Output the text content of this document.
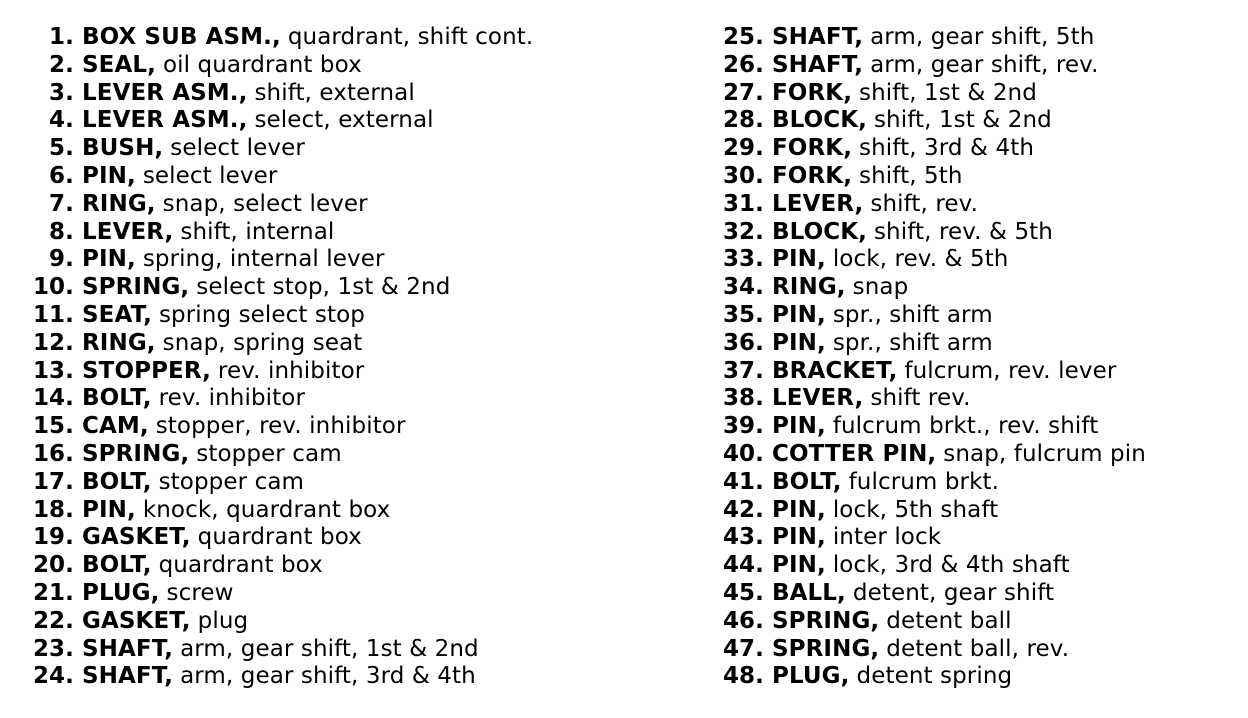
1. BOX SUB ASM., quardrant, shift cont.
2. SEAL, oil quardrant box
3. LEVER ASM., shift, external
4. LEVER ASM., select, external
5. BUSH, select lever
6. PIN, select lever
7. RING, snap, select lever
8. LEVER, shift, internal
9. PIN, spring, internal lever
10. SPRING, select stop, 1st & 2nd
11. SEAT, spring select stop
12. RING, snap, spring seat
13. STOPPER, rev. inhibitor
14. BOLT, rev. inhibitor
15. CAM, stopper, rev. inhibitor
16. SPRING, stopper cam
17. BOLT, stopper cam
18. PIN, knock, quardrant box
19. GASKET, quardrant box
20. BOLT, quardrant box
21. PLUG, screw
22. GASKET, plug
23. SHAFT, arm, gear shift, 1st & 2nd
24. SHAFT, arm, gear shift, 3rd & 4th
25. SHAFT, arm, gear shift, 5th
26. SHAFT, arm, gear shift, rev.
27. FORK, shift, 1st & 2nd
28. BLOCK, shift, 1st & 2nd
29. FORK, shift, 3rd & 4th
30. FORK, shift, 5th
31. LEVER, shift, rev.
32. BLOCK, shift, rev. & 5th
33. PIN, lock, rev. & 5th
34. RING, snap
35. PIN, spr., shift arm
36. PIN, spr., shift arm
37. BRACKET, fulcrum, rev. lever
38. LEVER, shift rev.
39. PIN, fulcrum brkt., rev. shift
40. COTTER PIN, snap, fulcrum pin
41. BOLT, fulcrum brkt.
42. PIN, lock, 5th shaft
43. PIN, inter lock
44. PIN, lock, 3rd & 4th shaft
45. BALL, detent, gear shift
46. SPRING, detent ball
47. SPRING, detent ball, rev.
48. PLUG, detent spring
